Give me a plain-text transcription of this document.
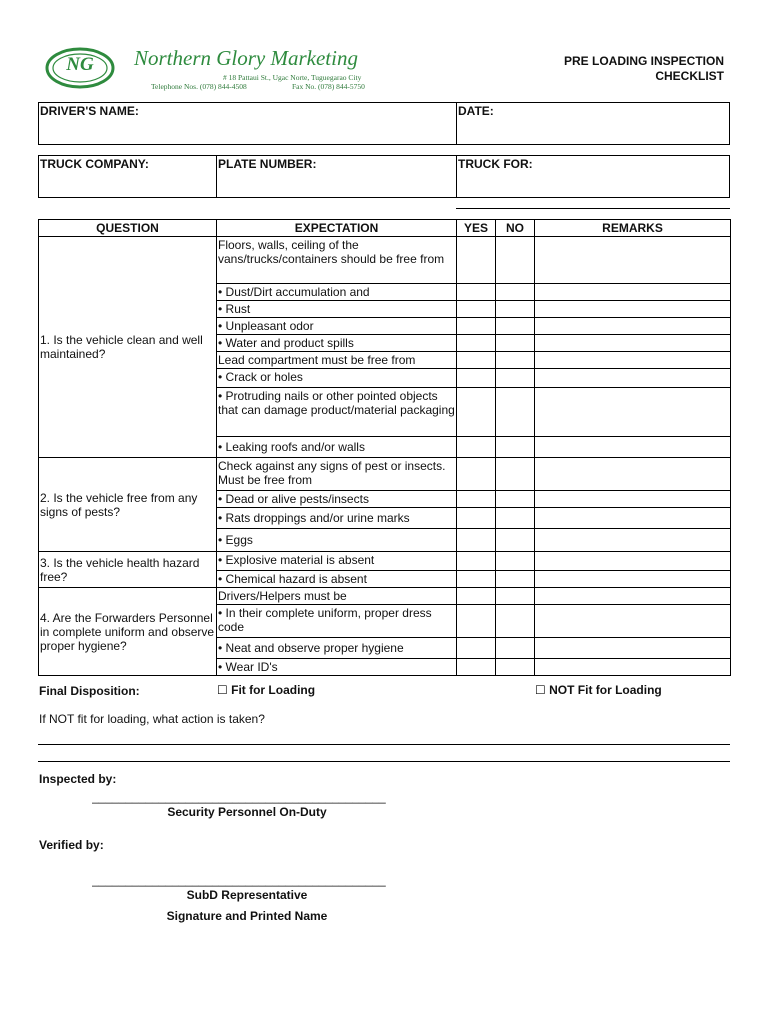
NG Northern Glory Marketing
# 18 Pattaui St., Ugac Norte, Tuguegarao City
Telephone Nos. (078) 844-4508	Fax No. (078) 844-5750
PRE LOADING INSPECTION
CHECKLIST
DRIVER'S NAME:	DATE:
TRUCK COMPANY:	PLATE NUMBER:	TRUCK FOR:
QUESTION	EXPECTATION	YES	NO	REMARKS
1. Is the vehicle clean and well maintained?	Floors, walls, ceiling of the vans/trucks/containers should be free from			
	• Dust/Dirt accumulation and			
	• Rust			
	• Unpleasant odor			
	• Water and product spills			
	Lead compartment must be free from			
	• Crack or holes			
	• Protruding nails or other pointed objects that can damage product/material packaging			
	• Leaking roofs and/or walls			
2. Is the vehicle free from any signs of pests?	Check against any signs of pest or insects. Must be free from			
	• Dead or alive pests/insects			
	• Rats droppings and/or urine marks			
	• Eggs			
3. Is the vehicle health hazard free?	• Explosive material is absent			
	• Chemical hazard is absent			
4. Are the Forwarders Personnel in complete uniform and observe proper hygiene?	Drivers/Helpers must be			
	• In their complete uniform, proper dress code			
	• Neat and observe proper hygiene			
	• Wear ID's			
Final Disposition:	☐ Fit for Loading	☐ NOT Fit for Loading
If NOT fit for loading, what action is taken?
Inspected by:
____________________________________________
Security Personnel On-Duty
Verified by:
____________________________________________
SubD Representative
Signature and Printed Name
